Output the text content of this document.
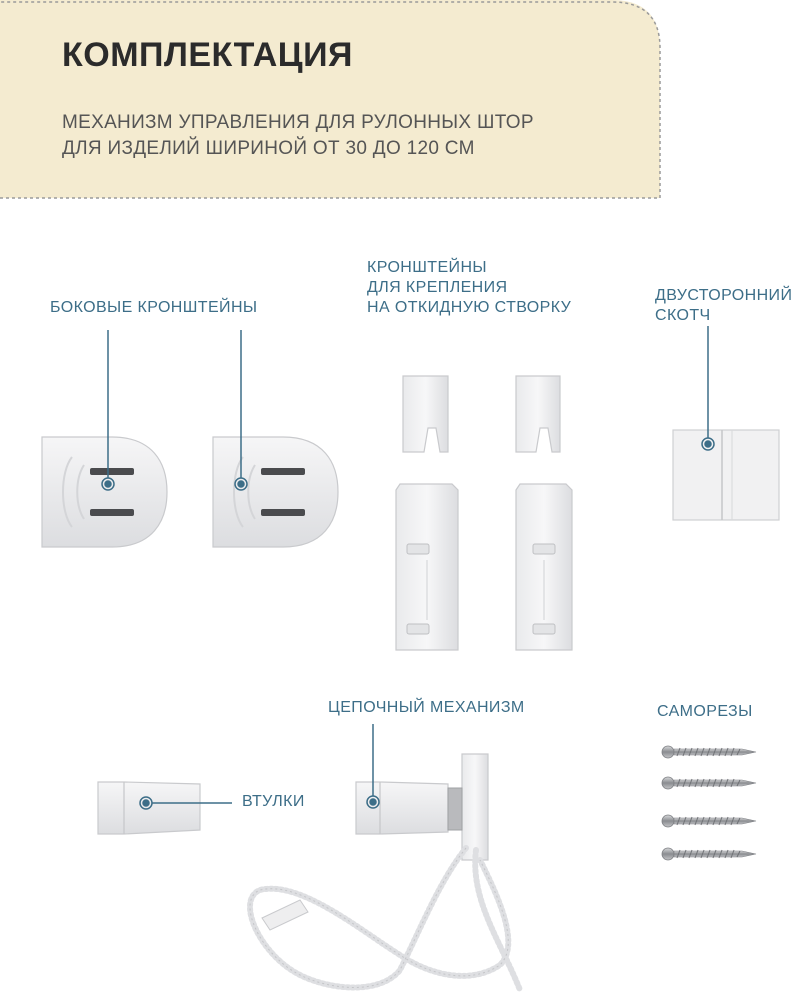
КОМПЛЕКТАЦИЯ

МЕХАНИЗМ УПРАВЛЕНИЯ ДЛЯ РУЛОННЫХ ШТОР
ДЛЯ ИЗДЕЛИЙ ШИРИНОЙ ОТ 30 ДО 120 СМ

БОКОВЫЕ КРОНШТЕЙНЫ
КРОНШТЕЙНЫ
ДЛЯ КРЕПЛЕНИЯ
НА ОТКИДНУЮ СТВОРКУ
ДВУСТОРОННИЙ
СКОТЧ
ЦЕПОЧНЫЙ МЕХАНИЗМ	САМОРЕЗЫ
ВТУЛКИ
